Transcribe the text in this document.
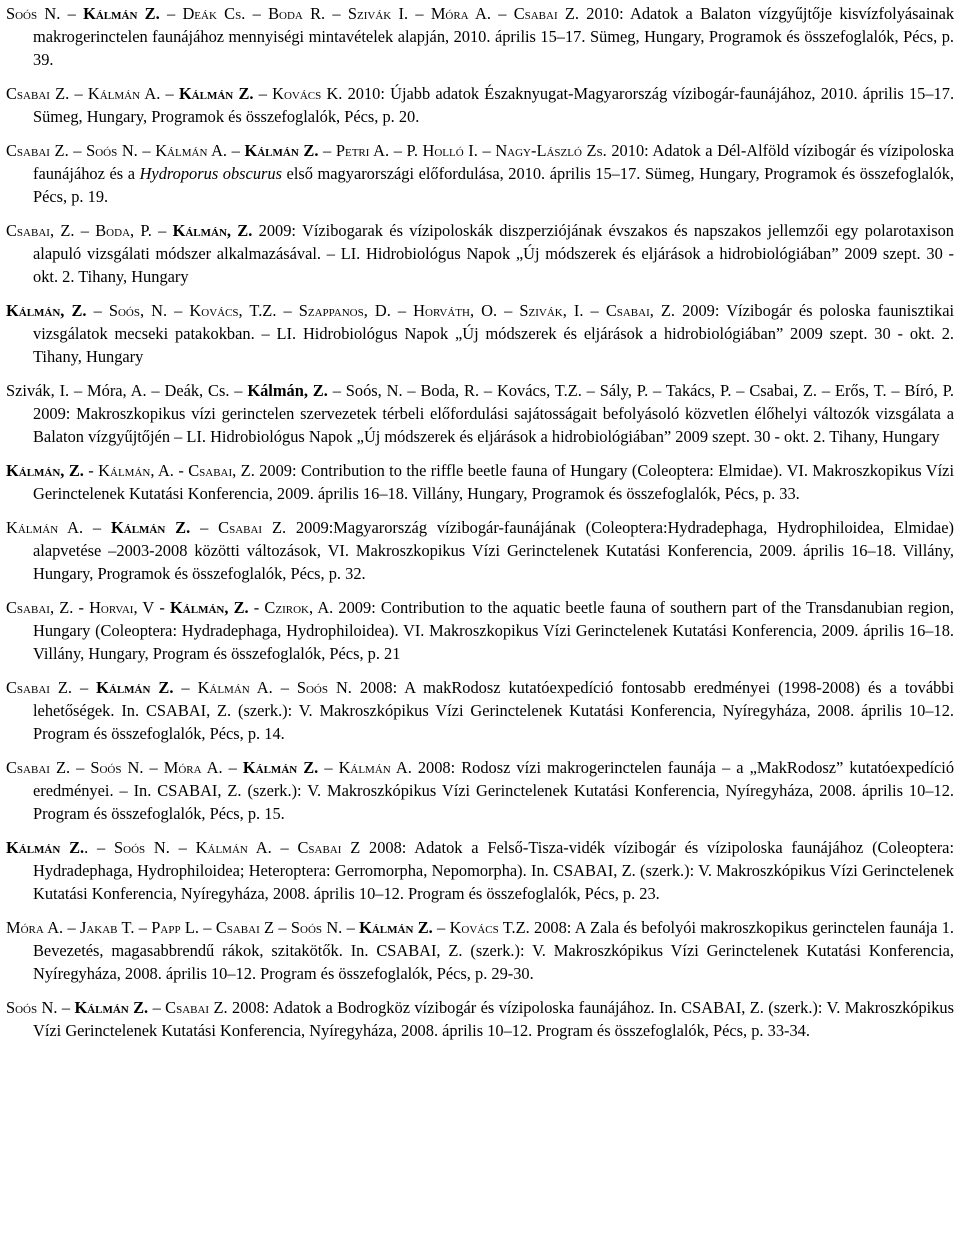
Soós N. – Kálmán Z. – Deák Cs. – Boda R. – Szivák I. – Móra A. – Csabai Z. 2010: Adatok a Balaton vízgyűjtője kisvízfolyásainak makrogerinctelen faunájához mennyiségi mintavételek alapján, 2010. április 15–17. Sümeg, Hungary, Programok és összefoglalók, Pécs, p. 39.

Csabai Z. – Kálmán A. – Kálmán Z. – Kovács K. 2010: Újabb adatok Északnyugat-Magyarország vízibogár-faunájához, 2010. április 15–17. Sümeg, Hungary, Programok és összefoglalók, Pécs, p. 20.

Csabai Z. – Soós N. – Kálmán A. – Kálmán Z. – Petri A. – P. Holló I. – Nagy-László Zs. 2010: Adatok a Dél-Alföld vízibogár és vízipoloska faunájához és a Hydroporus obscurus első magyarországi előfordulása, 2010. április 15–17. Sümeg, Hungary, Programok és összefoglalók, Pécs, p. 19.

Csabai, Z. – Boda, P. – Kálmán, Z. 2009: Vízibogarak és vízipoloskák diszperziójának évszakos és napszakos jellemzői egy polarotaxison alapuló vizsgálati módszer alkalmazásával. – LI. Hidrobiológus Napok „Új módszerek és eljárások a hidrobiológiában” 2009 szept. 30 - okt. 2. Tihany, Hungary

Kálmán, Z. – Soós, N. – Kovács, T.Z. – Szappanos, D. – Horváth, O. – Szivák, I. – Csabai, Z. 2009: Vízibogár és poloska faunisztikai vizsgálatok mecseki patakokban. – LI. Hidrobiológus Napok „Új módszerek és eljárások a hidrobiológiában” 2009 szept. 30 - okt. 2. Tihany, Hungary

Szivák, I. – Móra, A. – Deák, Cs. – Kálmán, Z. – Soós, N. – Boda, R. – Kovács, T.Z. – Sály, P. – Takács, P. – Csabai, Z. – Erős, T. – Bíró, P. 2009: Makroszkopikus vízi gerinctelen szervezetek térbeli előfordulási sajátosságait befolyásoló közvetlen élőhelyi változók vizsgálata a Balaton vízgyűjtőjén – LI. Hidrobiológus Napok „Új módszerek és eljárások a hidrobiológiában” 2009 szept. 30 - okt. 2. Tihany, Hungary

Kálmán, Z. - Kálmán, A. - Csabai, Z. 2009: Contribution to the riffle beetle fauna of Hungary (Coleoptera: Elmidae). VI. Makroszkopikus Vízi Gerinctelenek Kutatási Konferencia, 2009. április 16–18. Villány, Hungary, Programok és összefoglalók, Pécs, p. 33.

Kálmán A. – Kálmán Z. – Csabai Z. 2009:Magyarország vízibogár-faunájának (Coleoptera:Hydradephaga, Hydrophiloidea, Elmidae) alapvetése –2003-2008 közötti változások, VI. Makroszkopikus Vízi Gerinctelenek Kutatási Konferencia, 2009. április 16–18. Villány, Hungary, Programok és összefoglalók, Pécs, p. 32.

Csabai, Z. - Horvai, V - Kálmán, Z. - Czirok, A. 2009: Contribution to the aquatic beetle fauna of southern part of the Transdanubian region, Hungary (Coleoptera: Hydradephaga, Hydrophiloidea). VI. Makroszkopikus Vízi Gerinctelenek Kutatási Konferencia, 2009. április 16–18. Villány, Hungary, Program és összefoglalók, Pécs, p. 21

Csabai Z. – Kálmán Z. – Kálmán A. – Soós N. 2008: A makRodosz kutatóexpedíció fontosabb eredményei (1998-2008) és a további lehetőségek. In. CSABAI, Z. (szerk.): V. Makroszkópikus Vízi Gerinctelenek Kutatási Konferencia, Nyíregyháza, 2008. április 10–12. Program és összefoglalók, Pécs, p. 14.

Csabai Z. – Soós N. – Móra A. – Kálmán Z. – Kálmán A. 2008: Rodosz vízi makrogerinctelen faunája – a „MakRodosz” kutatóexpedíció eredményei. – In. CSABAI, Z. (szerk.): V. Makroszkópikus Vízi Gerinctelenek Kutatási Konferencia, Nyíregyháza, 2008. április 10–12. Program és összefoglalók, Pécs, p. 15.

Kálmán Z.. – Soós N. – Kálmán A. – Csabai Z 2008: Adatok a Felső-Tisza-vidék vízibogár és vízipoloska faunájához (Coleoptera: Hydradephaga, Hydrophiloidea; Heteroptera: Gerromorpha, Nepomorpha). In. CSABAI, Z. (szerk.): V. Makroszkópikus Vízi Gerinctelenek Kutatási Konferencia, Nyíregyháza, 2008. április 10–12. Program és összefoglalók, Pécs, p. 23.

Móra A. – Jakab T. – Papp L. – Csabai Z – Soós N. – Kálmán Z. – Kovács T.Z. 2008: A Zala és befolyói makroszkopikus gerinctelen faunája 1. Bevezetés, magasabbrendű rákok, szitakötők. In. CSABAI, Z. (szerk.): V. Makroszkópikus Vízi Gerinctelenek Kutatási Konferencia, Nyíregyháza, 2008. április 10–12. Program és összefoglalók, Pécs, p. 29-30.

Soós N. – Kálmán Z. – Csabai Z. 2008: Adatok a Bodrogköz vízibogár és vízipoloska faunájához. In. CSABAI, Z. (szerk.): V. Makroszkópikus Vízi Gerinctelenek Kutatási Konferencia, Nyíregyháza, 2008. április 10–12. Program és összefoglalók, Pécs, p. 33-34.
